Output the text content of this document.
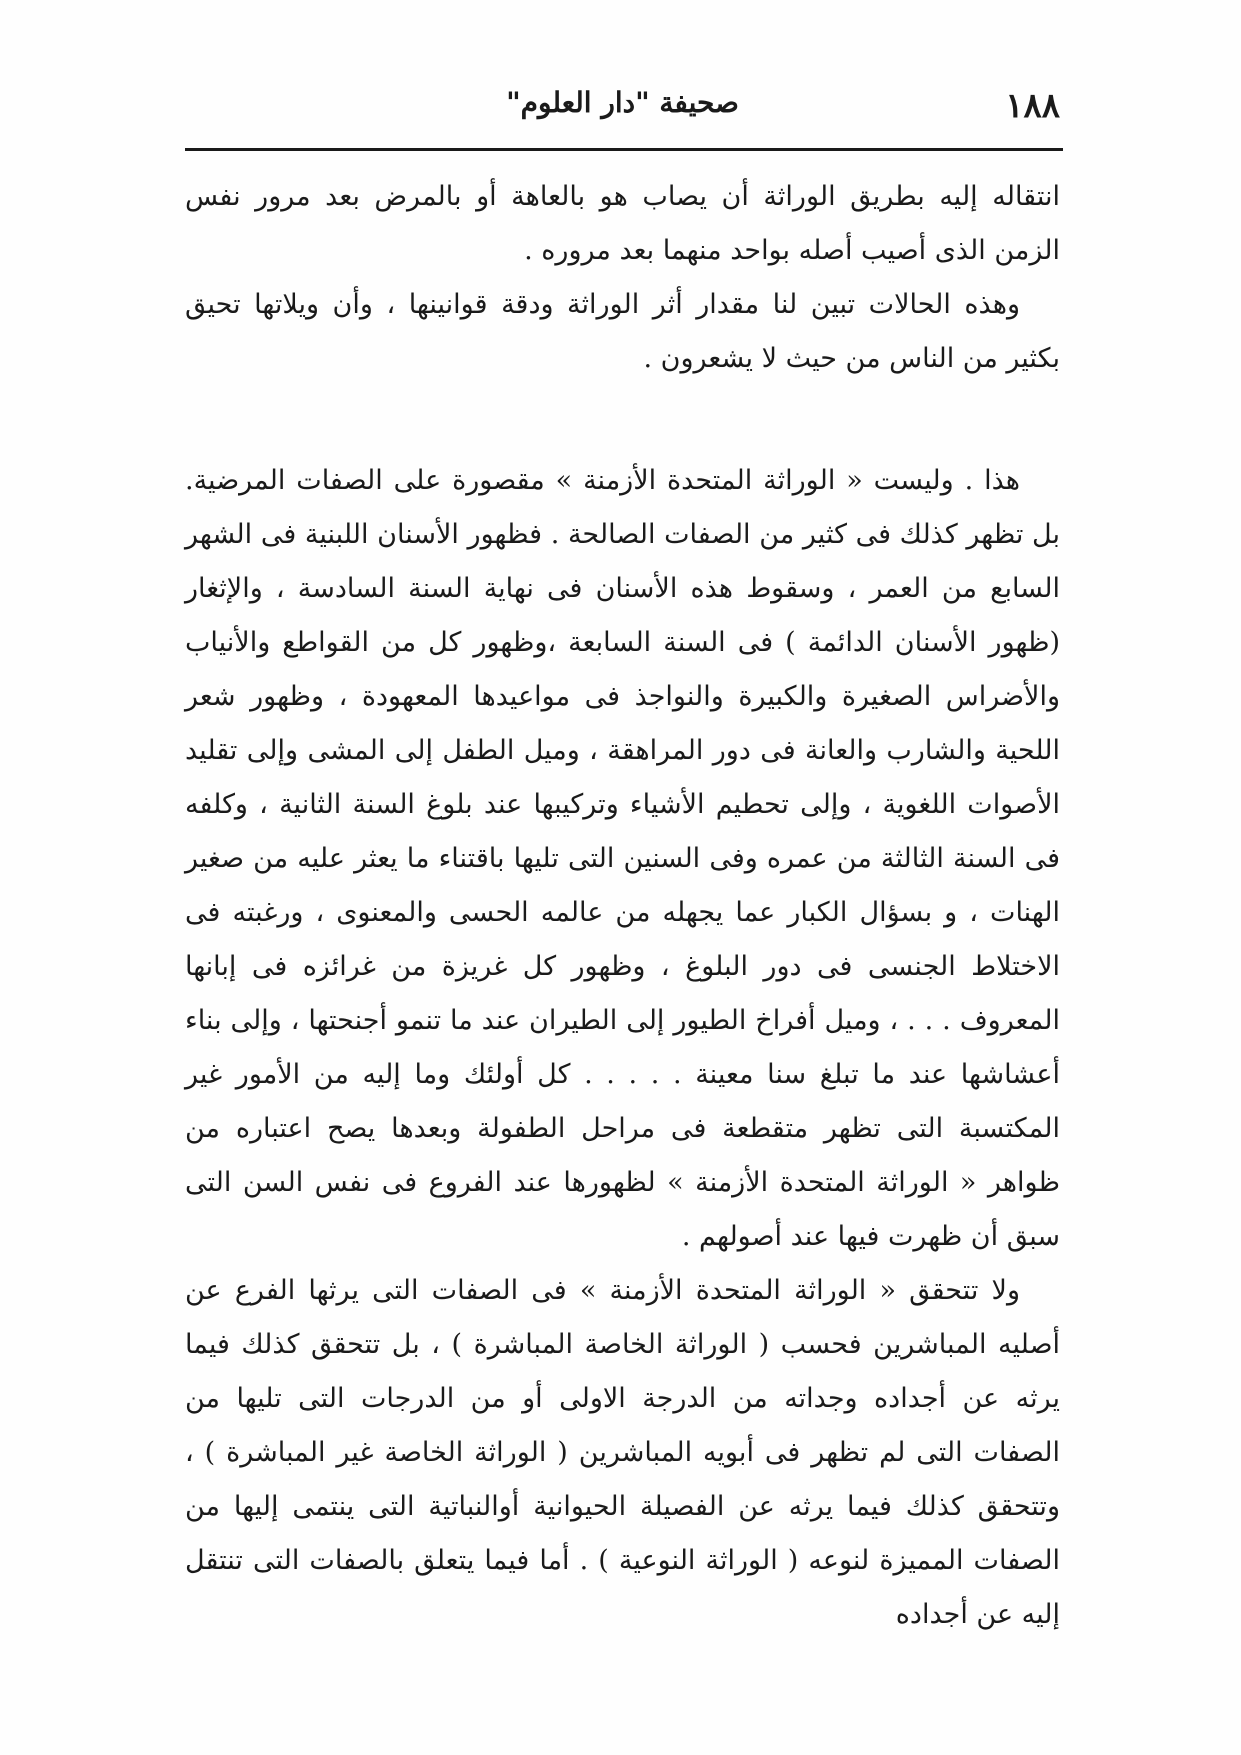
١٨٨
صحيفة "دار العلوم"

انتقاله إليه بطريق الوراثة أن يصاب هو بالعاهة أو بالمرض بعد مرور نفس الزمن الذى أصيب أصله بواحد منهما بعد مروره .

وهذه الحالات تبين لنا مقدار أثر الوراثة ودقة قوانينها ، وأن ويلاتها تحيق بكثير من الناس من حيث لا يشعرون .

هذا . وليست « الوراثة المتحدة الأزمنة » مقصورة على الصفات المرضية. بل تظهر كذلك فى كثير من الصفات الصالحة . فظهور الأسنان اللبنية فى الشهر السابع من العمر ، وسقوط هذه الأسنان فى نهاية السنة السادسة ، والإثغار (ظهور الأسنان الدائمة ) فى السنة السابعة ،وظهور كل من القواطع والأنياب والأضراس الصغيرة والكبيرة والنواجذ فى مواعيدها المعهودة ، وظهور شعر اللحية والشارب والعانة فى دور المراهقة ، وميل الطفل إلى المشى وإلى تقليد الأصوات اللغوية ، وإلى تحطيم الأشياء وتركيبها عند بلوغ السنة الثانية ، وكلفه فى السنة الثالثة من عمره وفى السنين التى تليها باقتناء ما يعثر عليه من صغير الهنات ، و بسؤال الكبار عما يجهله من عالمه الحسى والمعنوى ، ورغبته فى الاختلاط الجنسى فى دور البلوغ ، وظهور كل غريزة من غرائزه فى إبانها المعروف . . . ، وميل أفراخ الطيور إلى الطيران عند ما تنمو أجنحتها ، وإلى بناء أعشاشها عند ما تبلغ سنا معينة . . . . . كل أولئك وما إليه من الأمور غير المكتسبة التى تظهر متقطعة فى مراحل الطفولة وبعدها يصح اعتباره من ظواهر « الوراثة المتحدة الأزمنة » لظهورها عند الفروع فى نفس السن التى سبق أن ظهرت فيها عند أصولهم .

ولا تتحقق « الوراثة المتحدة الأزمنة » فى الصفات التى يرثها الفرع عن أصليه المباشرين فحسب ( الوراثة الخاصة المباشرة ) ، بل تتحقق كذلك فيما يرثه عن أجداده وجداته من الدرجة الاولى أو من الدرجات التى تليها من الصفات التى لم تظهر فى أبويه المباشرين ( الوراثة الخاصة غير المباشرة ) ، وتتحقق كذلك فيما يرثه عن الفصيلة الحيوانية أوالنباتية التى ينتمى إليها من الصفات المميزة لنوعه ( الوراثة النوعية ) . أما فيما يتعلق بالصفات التى تنتقل إليه عن أجداده
